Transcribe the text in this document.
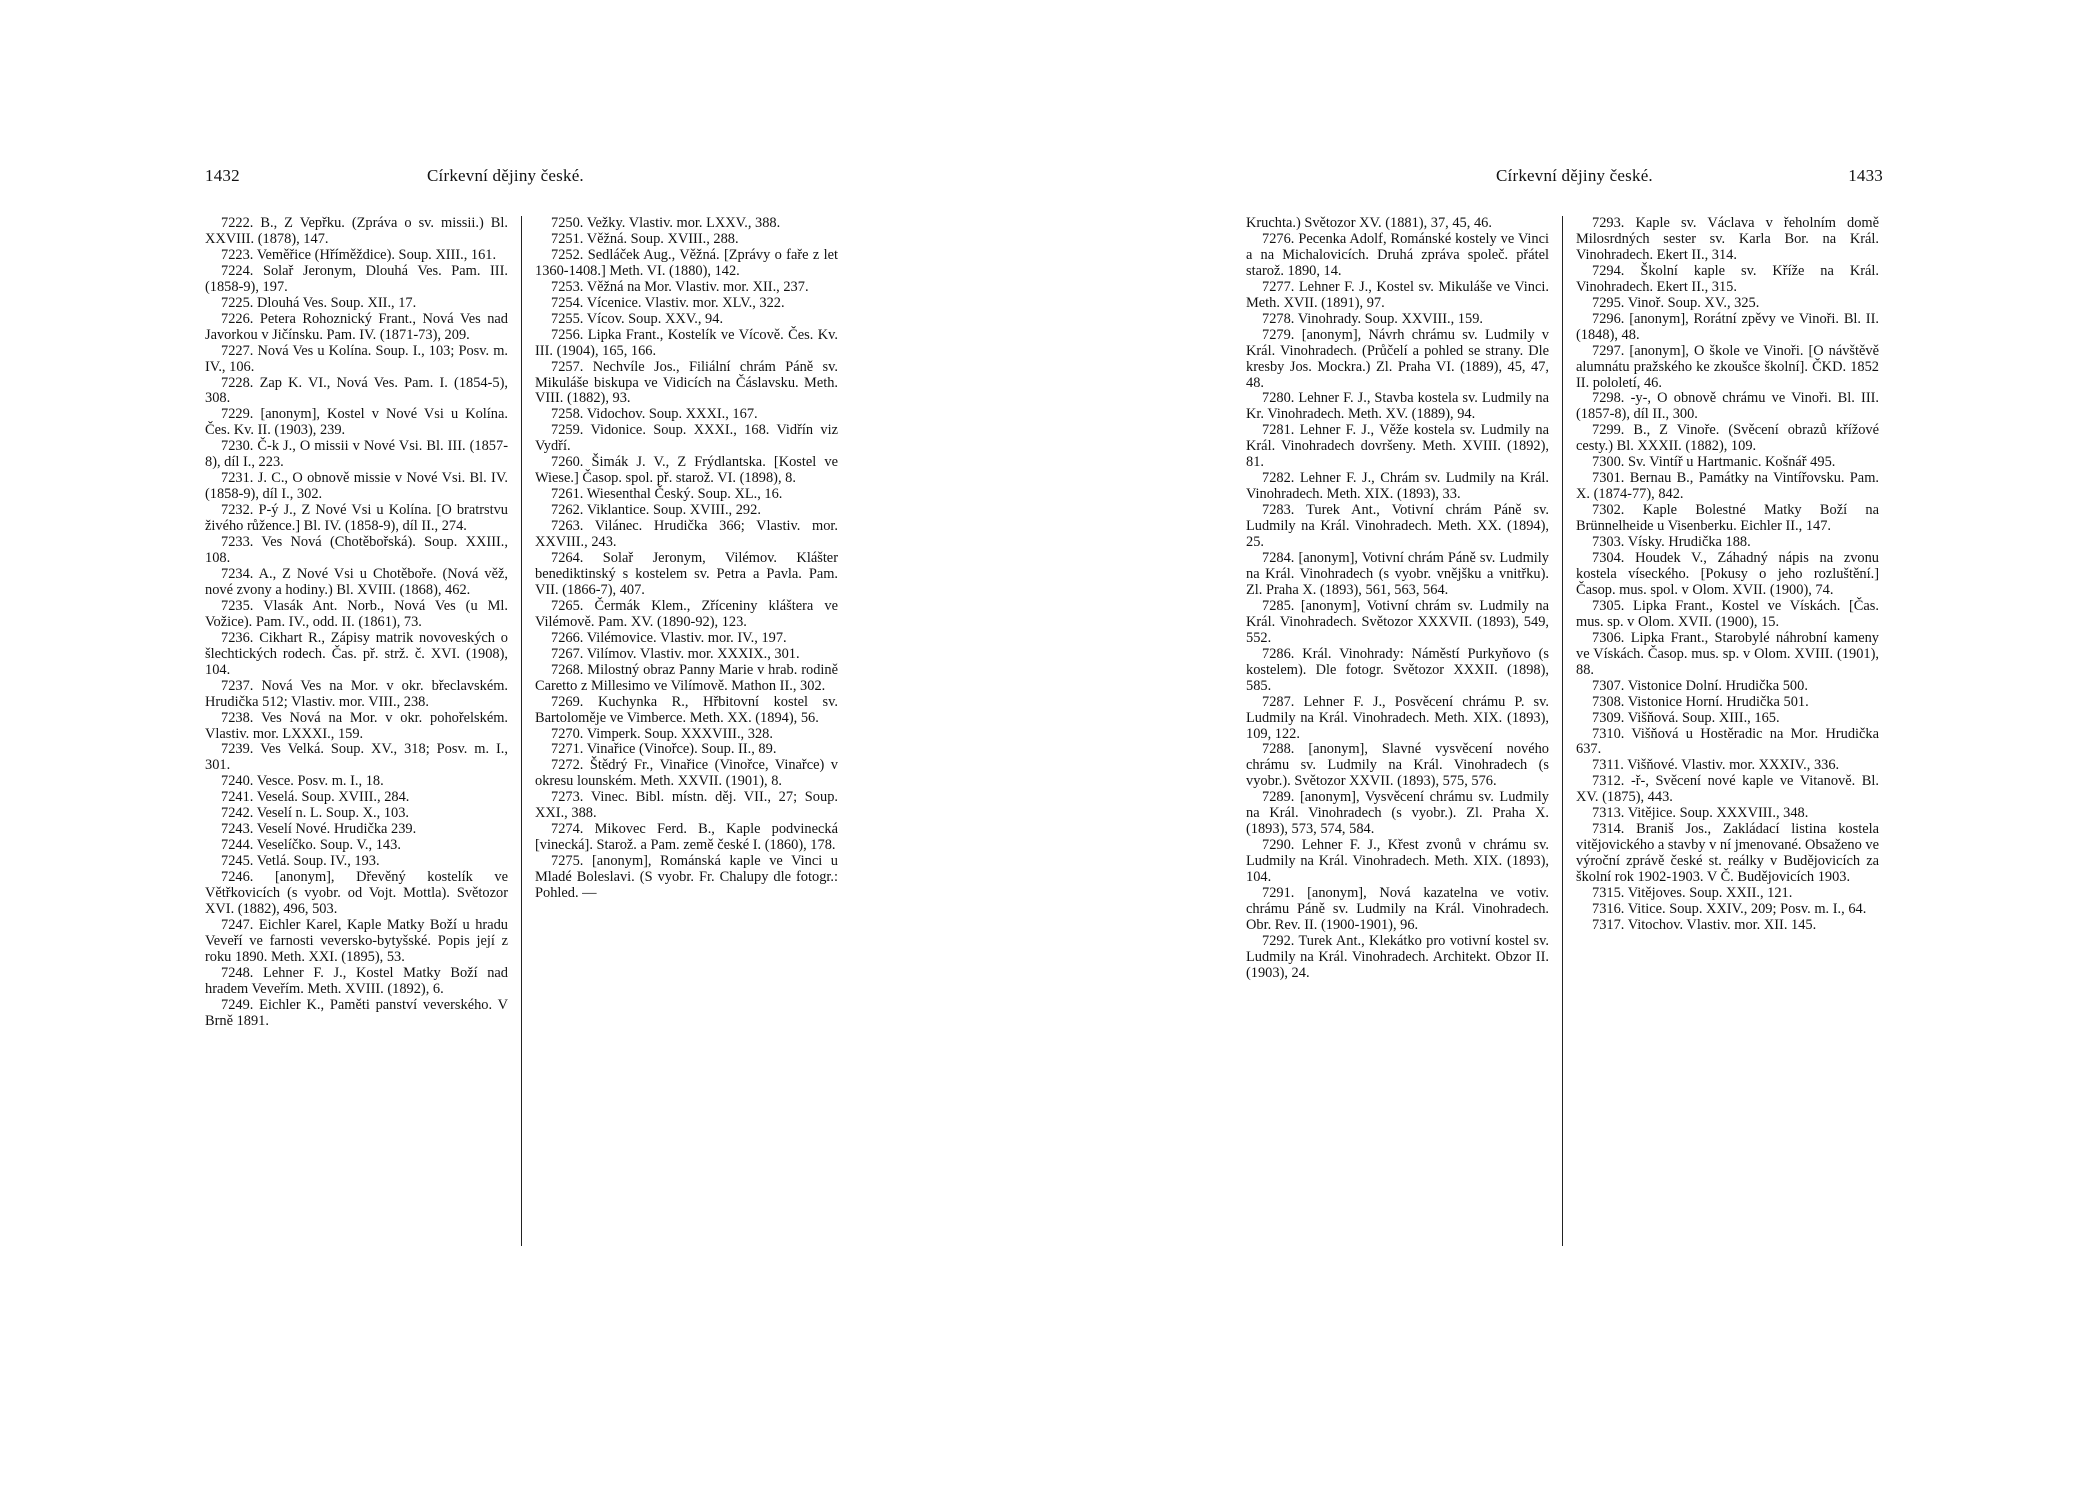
1432	Církevní dějiny české.

7222. B., Z Vepřku. (Zpráva o sv. missii.) Bl. XXVIII. (1878), 147.

7223. Veměřice (Hříměždice). Soup. XIII., 161.

7224. Solař Jeronym, Dlouhá Ves. Pam. III. (1858-9), 197.

7225. Dlouhá Ves. Soup. XII., 17.

7226. Petera Rohoznický Frant., Nová Ves nad Javorkou v Jičínsku. Pam. IV. (1871-73), 209.

7227. Nová Ves u Kolína. Soup. I., 103; Posv. m. IV., 106.

7228. Zap K. VI., Nová Ves. Pam. I. (1854-5), 308.

7229. [anonym], Kostel v Nové Vsi u Kolína. Čes. Kv. II. (1903), 239.

7230. Č-k J., O missii v Nové Vsi. Bl. III. (1857-8), díl I., 223.

7231. J. C., O obnově missie v Nové Vsi. Bl. IV. (1858-9), díl I., 302.

7232. P-ý J., Z Nové Vsi u Kolína. [O bratrstvu živého růžence.] Bl. IV. (1858-9), díl II., 274.

7233. Ves Nová (Chotěbořská). Soup. XXIII., 108.

7234. A., Z Nové Vsi u Chotěboře. (Nová věž, nové zvony a hodiny.) Bl. XVIII. (1868), 462.

7235. Vlasák Ant. Norb., Nová Ves (u Ml. Vožice). Pam. IV., odd. II. (1861), 73.

7236. Cikhart R., Zápisy matrik novoveských o šlechtických rodech. Čas. př. strž. č. XVI. (1908), 104.

7237. Nová Ves na Mor. v okr. břeclavském. Hrudička 512; Vlastiv. mor. VIII., 238.

7238. Ves Nová na Mor. v okr. pohořelském. Vlastiv. mor. LXXXI., 159.

7239. Ves Velká. Soup. XV., 318; Posv. m. I., 301.

7240. Vesce. Posv. m. I., 18.

7241. Veselá. Soup. XVIII., 284.

7242. Veselí n. L. Soup. X., 103.

7243. Veselí Nové. Hrudička 239.

7244. Veselíčko. Soup. V., 143.

7245. Vetlá. Soup. IV., 193.

7246. [anonym], Dřevěný kostelík ve Větřkovicích (s vyobr. od Vojt. Mottla). Světozor XVI. (1882), 496, 503.

7247. Eichler Karel, Kaple Matky Boží u hradu Veveří ve farnosti veversko-bytyšské. Popis její z roku 1890. Meth. XXI. (1895), 53.

7248. Lehner F. J., Kostel Matky Boží nad hradem Veveřím. Meth. XVIII. (1892), 6.

7249. Eichler K., Paměti panství veverského. V Brně 1891.

7250. Vežky. Vlastiv. mor. LXXV., 388.

7251. Věžná. Soup. XVIII., 288.

7252. Sedláček Aug., Věžná. [Zprávy o faře z let 1360-1408.] Meth. VI. (1880), 142.

7253. Věžná na Mor. Vlastiv. mor. XII., 237.

7254. Vícenice. Vlastiv. mor. XLV., 322.

7255. Vícov. Soup. XXV., 94.

7256. Lipka Frant., Kostelík ve Vícově. Čes. Kv. III. (1904), 165, 166.

7257. Nechvíle Jos., Filiální chrám Páně sv. Mikuláše biskupa ve Vidicích na Čáslavsku. Meth. VIII. (1882), 93.

7258. Vidochov. Soup. XXXI., 167.

7259. Vidonice. Soup. XXXI., 168. Vidřín viz Vydří.

7260. Šimák J. V., Z Frýdlantska. [Kostel ve Wiese.] Časop. spol. př. starož. VI. (1898), 8.

7261. Wiesenthal Český. Soup. XL., 16.

7262. Viklantice. Soup. XVIII., 292.

7263. Vilánec. Hrudička 366; Vlastiv. mor. XXVIII., 243.

7264. Solař Jeronym, Vilémov. Klášter benediktinský s kostelem sv. Petra a Pavla. Pam. VII. (1866-7), 407.

7265. Čermák Klem., Zříceniny kláštera ve Vilémově. Pam. XV. (1890-92), 123.

7266. Vilémovice. Vlastiv. mor. IV., 197.

7267. Vilímov. Vlastiv. mor. XXXIX., 301.

7268. Milostný obraz Panny Marie v hrab. rodině Caretto z Millesimo ve Vilímově. Mathon II., 302.

7269. Kuchynka R., Hřbitovní kostel sv. Bartoloměje ve Vimberce. Meth. XX. (1894), 56.

7270. Vimperk. Soup. XXXVIII., 328.

7271. Vinařice (Vinořce). Soup. II., 89.

7272. Štědrý Fr., Vinařice (Vinořce, Vinařce) v okresu lounském. Meth. XXVII. (1901), 8.

7273. Vinec. Bibl. místn. děj. VII., 27; Soup. XXI., 388.

7274. Mikovec Ferd. B., Kaple podvinecká [vinecká]. Starož. a Pam. země české I. (1860), 178.

7275. [anonym], Románská kaple ve Vinci u Mladé Boleslavi. (S vyobr. Fr. Chalupy dle fotogr.: Pohled. —

Církevní dějiny české.	1433

Kruchta.) Světozor XV. (1881), 37, 45, 46.

7276. Pecenka Adolf, Románské kostely ve Vinci a na Michalovicích. Druhá zpráva společ. přátel starož. 1890, 14.

7277. Lehner F. J., Kostel sv. Mikuláše ve Vinci. Meth. XVII. (1891), 97.

7278. Vinohrady. Soup. XXVIII., 159.

7279. [anonym], Návrh chrámu sv. Ludmily v Král. Vinohradech. (Průčelí a pohled se strany. Dle kresby Jos. Mockra.) Zl. Praha VI. (1889), 45, 47, 48.

7280. Lehner F. J., Stavba kostela sv. Ludmily na Kr. Vinohradech. Meth. XV. (1889), 94.

7281. Lehner F. J., Věže kostela sv. Ludmily na Král. Vinohradech dovršeny. Meth. XVIII. (1892), 81.

7282. Lehner F. J., Chrám sv. Ludmily na Král. Vinohradech. Meth. XIX. (1893), 33.

7283. Turek Ant., Votivní chrám Páně sv. Ludmily na Král. Vinohradech. Meth. XX. (1894), 25.

7284. [anonym], Votivní chrám Páně sv. Ludmily na Král. Vinohradech (s vyobr. vnějšku a vnitřku). Zl. Praha X. (1893), 561, 563, 564.

7285. [anonym], Votivní chrám sv. Ludmily na Král. Vinohradech. Světozor XXXVII. (1893), 549, 552.

7286. Král. Vinohrady: Náměstí Purkyňovo (s kostelem). Dle fotogr. Světozor XXXII. (1898), 585.

7287. Lehner F. J., Posvěcení chrámu P. sv. Ludmily na Král. Vinohradech. Meth. XIX. (1893), 109, 122.

7288. [anonym], Slavné vysvěcení nového chrámu sv. Ludmily na Král. Vinohradech (s vyobr.). Světozor XXVII. (1893), 575, 576.

7289. [anonym], Vysvěcení chrámu sv. Ludmily na Král. Vinohradech (s vyobr.). Zl. Praha X. (1893), 573, 574, 584.

7290. Lehner F. J., Křest zvonů v chrámu sv. Ludmily na Král. Vinohradech. Meth. XIX. (1893), 104.

7291. [anonym], Nová kazatelna ve votiv. chrámu Páně sv. Ludmily na Král. Vinohradech. Obr. Rev. II. (1900-1901), 96.

7292. Turek Ant., Klekátko pro votivní kostel sv. Ludmily na Král. Vinohradech. Architekt. Obzor II. (1903), 24.

7293. Kaple sv. Václava v řeholním domě Milosrdných sester sv. Karla Bor. na Král. Vinohradech. Ekert II., 314.

7294. Školní kaple sv. Kříže na Král. Vinohradech. Ekert II., 315.

7295. Vinoř. Soup. XV., 325.

7296. [anonym], Rorátní zpěvy ve Vinoři. Bl. II. (1848), 48.

7297. [anonym], O škole ve Vinoři. [O návštěvě alumnátu pražského ke zkoušce školní]. ČKD. 1852 II. pololetí, 46.

7298. -y-, O obnově chrámu ve Vinoři. Bl. III. (1857-8), díl II., 300.

7299. B., Z Vinoře. (Svěcení obrazů křížové cesty.) Bl. XXXII. (1882), 109.

7300. Sv. Vintíř u Hartmanic. Košnář 495.

7301. Bernau B., Památky na Vintířovsku. Pam. X. (1874-77), 842.

7302. Kaple Bolestné Matky Boží na Brünnelheide u Visenberku. Eichler II., 147.

7303. Vísky. Hrudička 188.

7304. Houdek V., Záhadný nápis na zvonu kostela víseckého. [Pokusy o jeho rozluštění.] Časop. mus. spol. v Olom. XVII. (1900), 74.

7305. Lipka Frant., Kostel ve Vískách. [Čas. mus. sp. v Olom. XVII. (1900), 15.

7306. Lipka Frant., Starobylé náhrobní kameny ve Vískách. Časop. mus. sp. v Olom. XVIII. (1901), 88.

7307. Vistonice Dolní. Hrudička 500.

7308. Vistonice Horní. Hrudička 501.

7309. Višňová. Soup. XIII., 165.

7310. Višňová u Hostěradic na Mor. Hrudička 637.

7311. Višňové. Vlastiv. mor. XXXIV., 336.

7312. -ř-, Svěcení nové kaple ve Vitanově. Bl. XV. (1875), 443.

7313. Vitějice. Soup. XXXVIII., 348.

7314. Braniš Jos., Zakládací listina kostela vitějovického a stavby v ní jmenované. Obsaženo ve výroční zprávě české st. reálky v Budějovicích za školní rok 1902-1903. V Č. Budějovicích 1903.

7315. Vitějoves. Soup. XXII., 121.

7316. Vitice. Soup. XXIV., 209; Posv. m. I., 64.

7317. Vitochov. Vlastiv. mor. XII. 145.
